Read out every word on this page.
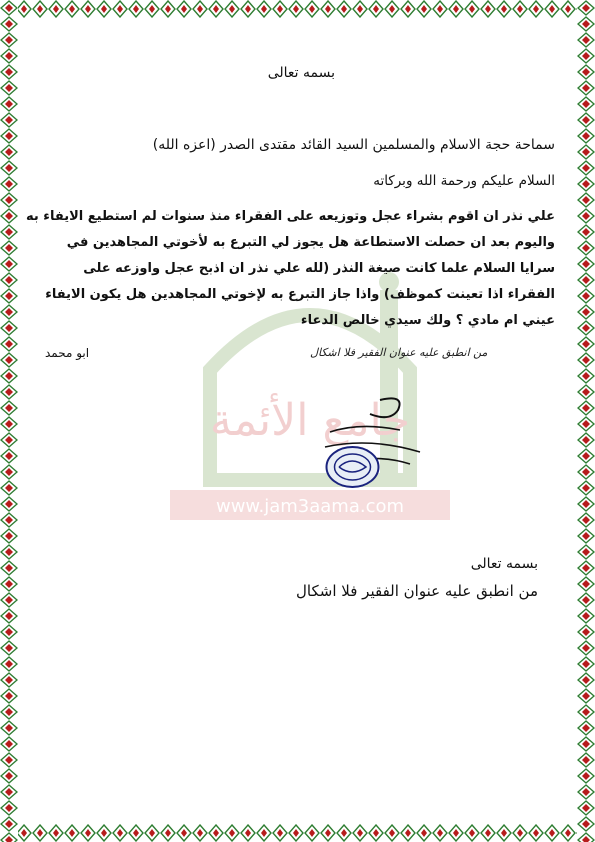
جامع الأئمة
www.jam3aama.com
بسمه تعالى
سماحة حجة الاسلام والمسلمين السيد القائد مقتدى الصدر (اعزه الله)
السلام عليكم ورحمة الله وبركاته
علي نذر ان اقوم بشراء عجل وتوزيعه على الفقراء منذ سنوات لم استطيع الايفاء به
واليوم بعد ان حصلت الاستطاعة هل يجوز لي التبرع به لأخوتي المجاهدين في
سرايا السلام علما كانت صيغة النذر (لله علي نذر ان اذبح عجل واوزعه على
الفقراء اذا تعينت كموظف) واذا جاز التبرع به لإخوتي المجاهدين هل يكون الايفاء
عيني ام مادي ؟ ولك سيدي خالص الدعاء
ابو محمد	من انطبق عليه عنوان الفقير فلا اشكال
بسمه تعالى
من انطبق عليه عنوان الفقير فلا اشكال
